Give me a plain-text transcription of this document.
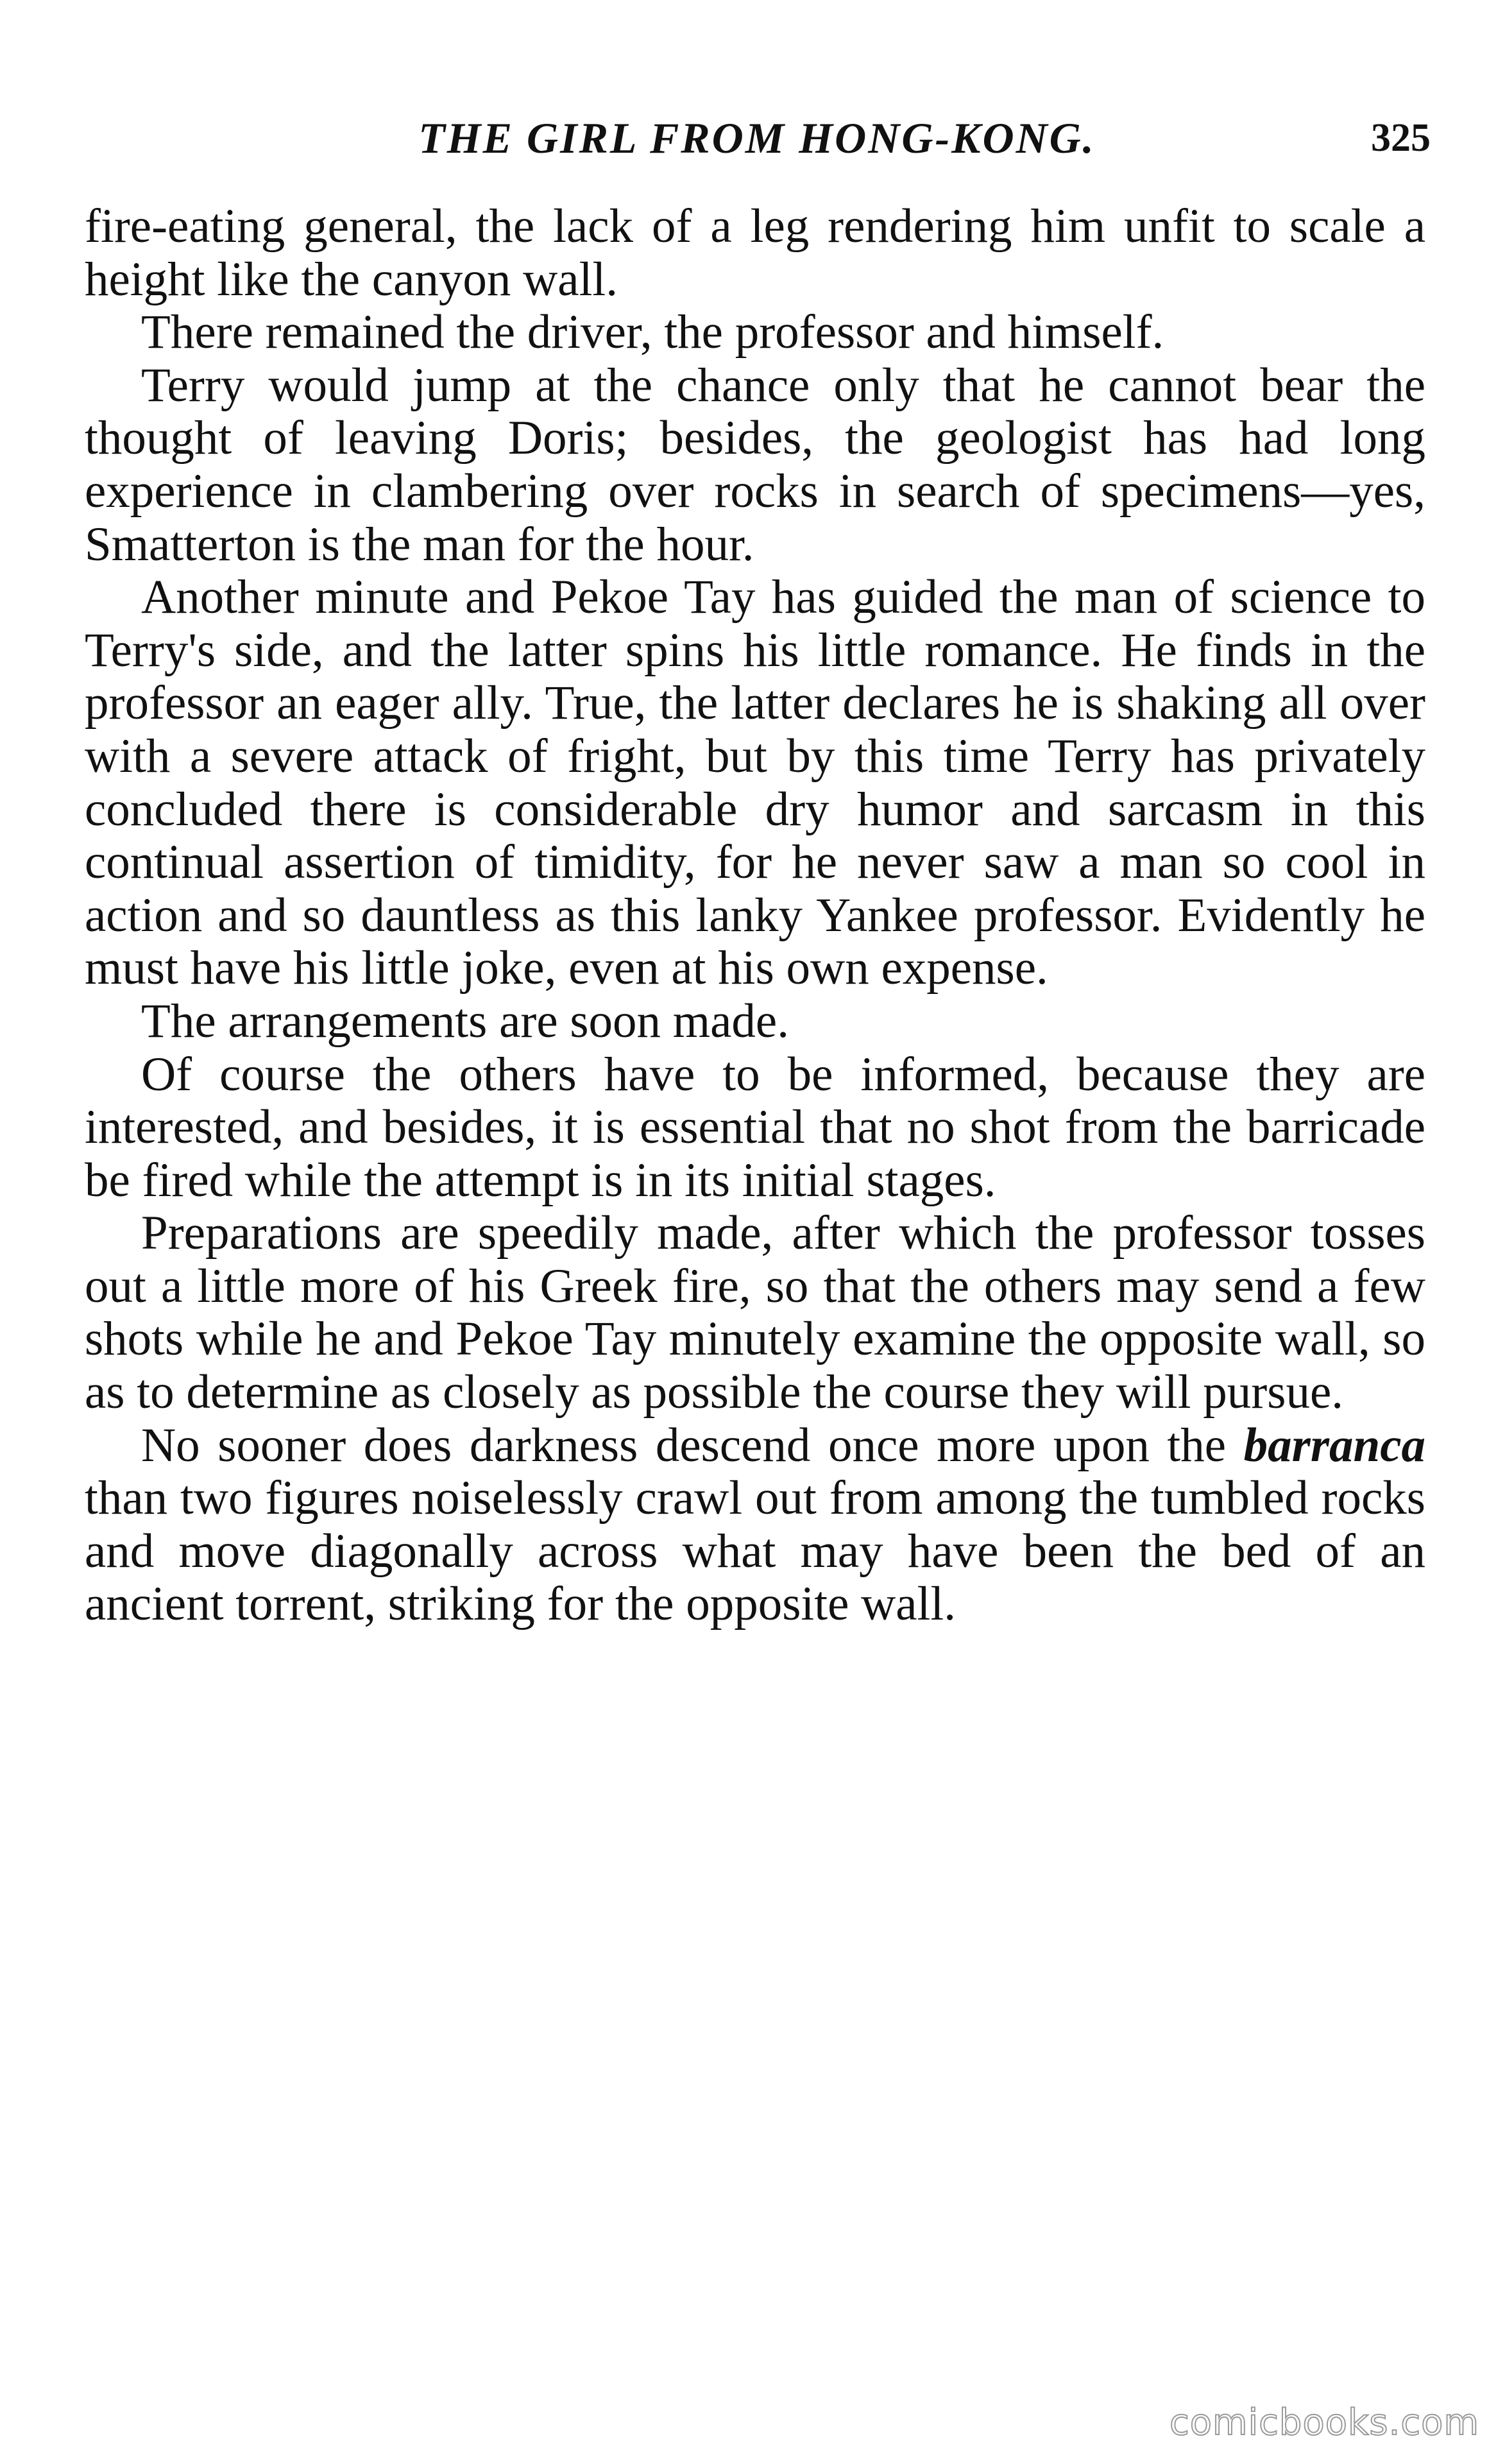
THE GIRL FROM HONG-KONG.	325

fire-eating general, the lack of a leg rendering him unfit to scale a height like the canyon wall.

There remained the driver, the professor and himself.

Terry would jump at the chance only that he cannot bear the thought of leaving Doris; besides, the geologist has had long experience in clambering over rocks in search of specimens—yes, Smatterton is the man for the hour.

Another minute and Pekoe Tay has guided the man of science to Terry's side, and the latter spins his little romance. He finds in the professor an eager ally. True, the latter declares he is shaking all over with a severe attack of fright, but by this time Terry has privately concluded there is considerable dry humor and sarcasm in this continual assertion of timidity, for he never saw a man so cool in action and so dauntless as this lanky Yankee professor. Evidently he must have his little joke, even at his own expense.

The arrangements are soon made.

Of course the others have to be informed, because they are interested, and besides, it is essential that no shot from the barricade be fired while the attempt is in its initial stages.

Preparations are speedily made, after which the professor tosses out a little more of his Greek fire, so that the others may send a few shots while he and Pekoe Tay minutely examine the opposite wall, so as to determine as closely as possible the course they will pursue.

No sooner does darkness descend once more upon the barranca than two figures noiselessly crawl out from among the tumbled rocks and move diagonally across what may have been the bed of an ancient torrent, striking for the opposite wall.

comicbooks.com
